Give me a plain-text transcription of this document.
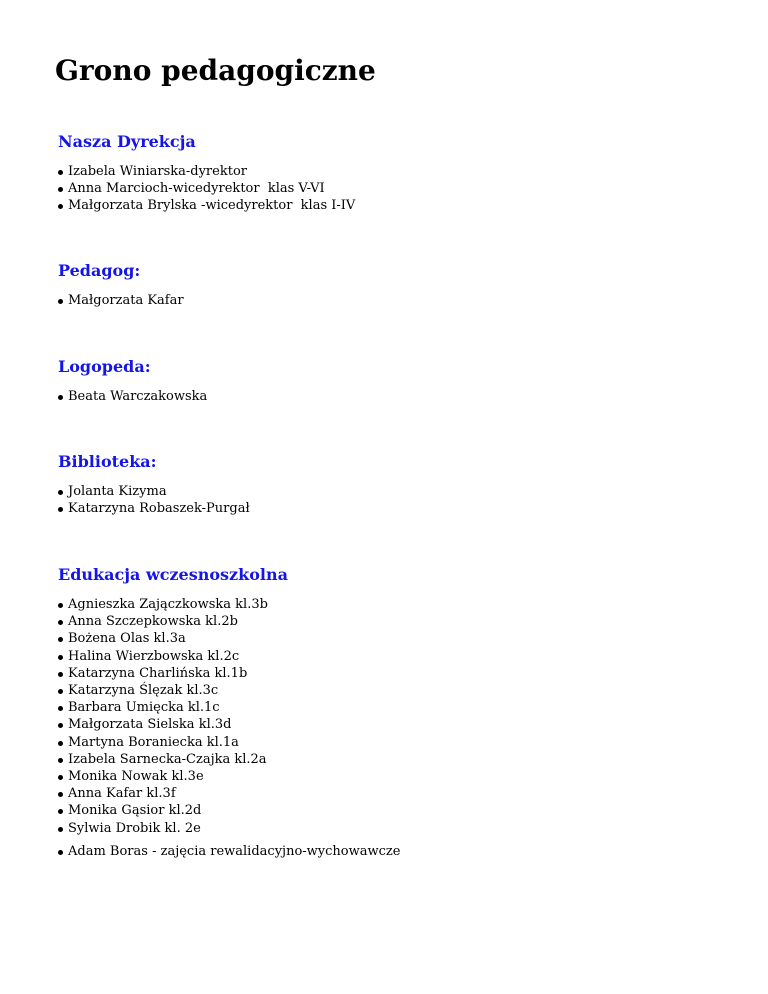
Grono pedagogiczne
Nasza Dyrekcja
Izabela Winiarska-dyrektor
Anna Marcioch-wicedyrektor  klas V-VI
Małgorzata Brylska -wicedyrektor  klas I-IV
Pedagog:
Małgorzata Kafar
Logopeda:
Beata Warczakowska
Biblioteka:
Jolanta Kizyma
Katarzyna Robaszek-Purgał
Edukacja wczesnoszkolna
Agnieszka Zajączkowska kl.3b
Anna Szczepkowska kl.2b
Bożena Olas kl.3a
Halina Wierzbowska kl.2c
Katarzyna Charlińska kl.1b
Katarzyna Ślęzak kl.3c
Barbara Umięcka kl.1c
Małgorzata Sielska kl.3d
Martyna Boraniecka kl.1a
Izabela Sarnecka-Czajka kl.2a
Monika Nowak kl.3e
Anna Kafar kl.3f
Monika Gąsior kl.2d
Sylwia Drobik kl. 2e
Adam Boras - zajęcia rewalidacyjno-wychowawcze
